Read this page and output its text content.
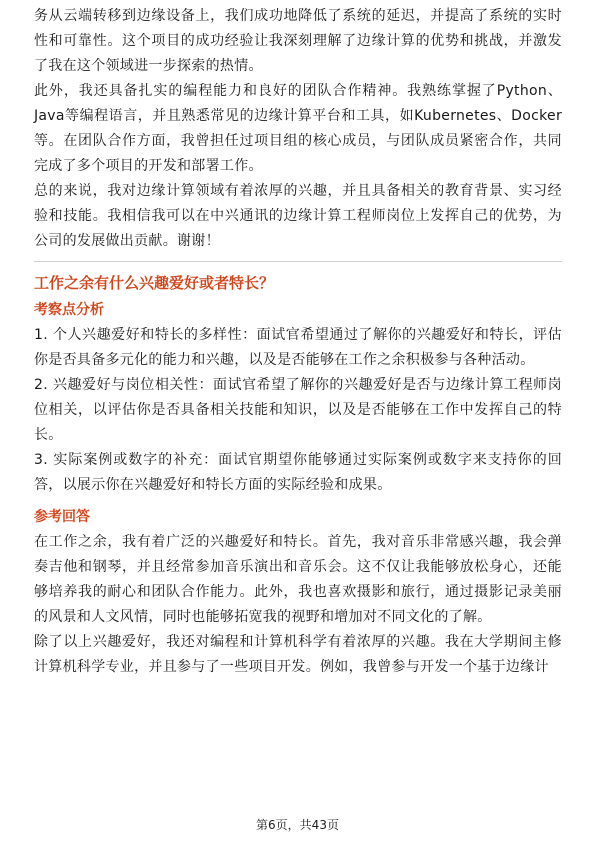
务从云端转移到边缘设备上，我们成功地降低了系统的延迟，并提高了系统的实时性和可靠性。这个项目的成功经验让我深刻理解了边缘计算的优势和挑战，并激发了我在这个领域进一步探索的热情。

此外，我还具备扎实的编程能力和良好的团队合作精神。我熟练掌握了Python、Java等编程语言，并且熟悉常见的边缘计算平台和工具，如Kubernetes、Docker等。在团队合作方面，我曾担任过项目组的核心成员，与团队成员紧密合作，共同完成了多个项目的开发和部署工作。

总的来说，我对边缘计算领域有着浓厚的兴趣，并且具备相关的教育背景、实习经验和技能。我相信我可以在中兴通讯的边缘计算工程师岗位上发挥自己的优势，为公司的发展做出贡献。谢谢！

工作之余有什么兴趣爱好或者特长？
考察点分析

1. 个人兴趣爱好和特长的多样性：面试官希望通过了解你的兴趣爱好和特长，评估你是否具备多元化的能力和兴趣，以及是否能够在工作之余积极参与各种活动。

2. 兴趣爱好与岗位相关性：面试官希望了解你的兴趣爱好是否与边缘计算工程师岗位相关，以评估你是否具备相关技能和知识，以及是否能够在工作中发挥自己的特长。

3. 实际案例或数字的补充：面试官期望你能够通过实际案例或数字来支持你的回答，以展示你在兴趣爱好和特长方面的实际经验和成果。

参考回答

在工作之余，我有着广泛的兴趣爱好和特长。首先，我对音乐非常感兴趣，我会弹奏吉他和钢琴，并且经常参加音乐演出和音乐会。这不仅让我能够放松身心，还能够培养我的耐心和团队合作能力。此外，我也喜欢摄影和旅行，通过摄影记录美丽的风景和人文风情，同时也能够拓宽我的视野和增加对不同文化的了解。

除了以上兴趣爱好，我还对编程和计算机科学有着浓厚的兴趣。我在大学期间主修计算机科学专业，并且参与了一些项目开发。例如，我曾参与开发一个基于边缘计

第6页，共43页
